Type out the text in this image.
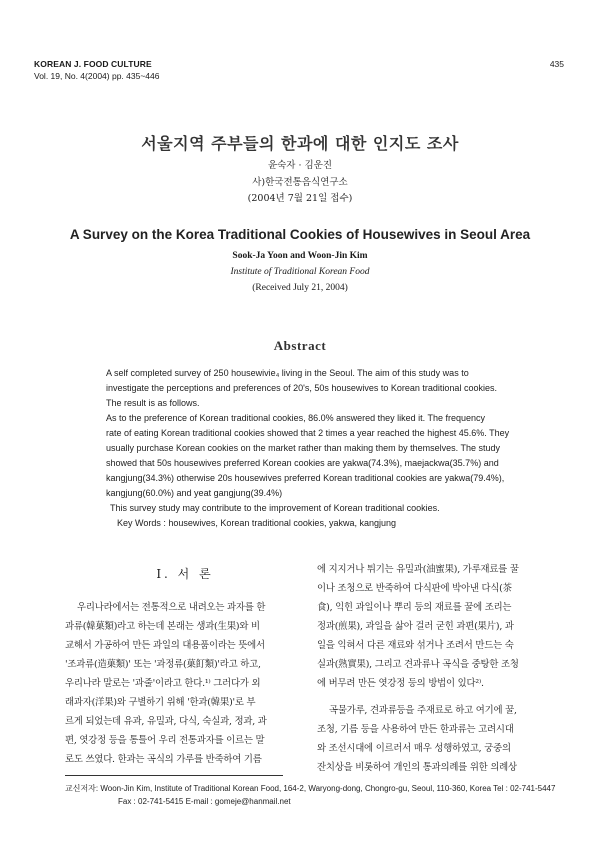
KOREAN J. FOOD CULTURE
Vol. 19, No. 4(2004) pp. 435~446
435
서울지역 주부들의 한과에 대한 인지도 조사
윤숙자 · 김운진
사)한국전통음식연구소
(2004년 7월 21일 접수)
A Survey on the Korea Traditional Cookies of Housewives in Seoul Area
Sook-Ja Yoon and Woon-Jin Kim
Institute of Traditional Korean Food
(Received July 21, 2004)
Abstract
A self completed survey of 250 housewivie₄ living in the Seoul. The aim of this study was to
investigate the perceptions and preferences of 20's, 50s housewives to Korean traditional cookies.
The result is as follows.
As to the preference of Korean traditional cookies, 86.0% answered they liked it. The frequency
rate of eating Korean traditional cookies showed that 2 times a year reached the highest 45.6%. They
usually purchase Korean cookies on the market rather than making them by themselves. The study
showed that 50s housewives preferred Korean cookies are yakwa(74.3%), maejackwa(35.7%) and
kangjung(34.3%) otherwise 20s housewives preferred Korean traditional cookies are yakwa(79.4%),
kangjung(60.0%) and yeat gangjung(39.4%)
This survey study may contribute to the improvement of Korean traditional cookies.
Key Words : housewives, Korean traditional cookies, yakwa, kangjung
I. 서 론
우리나라에서는 전통적으로 내려오는 과자를 한
과류(韓菓類)라고 하는데 본래는 생과(生果)와 비
교해서 가공하여 만든 과일의 대용품이라는 뜻에서
'조과류(造菓類)' 또는 '과정류(菓飣類)'라고 하고,
우리나라 말로는 '과줄'이라고 한다.¹⁾ 그러다가 외
래과자(洋果)와 구별하기 위해 '한과(韓果)'로 부
르게 되었는데 유과, 유밀과, 다식, 숙실과, 정과, 과
편, 엿강정 등을 통틀어 우리 전통과자를 이르는 말
로도 쓰였다. 한과는 곡식의 가루를 반죽하여 기름
에 지지거나 튀기는 유밀과(油蜜果), 가루재료를 꿀
이나 조청으로 반죽하여 다식판에 박아낸 다식(茶
食), 익힌 과일이나 뿌리 등의 재료를 꿀에 조리는
정과(煎果), 과일을 삶아 걸러 굳힌 과편(果片), 과
일을 익혀서 다른 재료와 섞거나 조려서 만드는 숙
실과(熟實果), 그리고 견과류나 곡식을 중탕한 조청
에 버무려 만든 엿강정 등의 방법이 있다²⁾.
곡물가루, 견과류등을 주재료로 하고 여기에 꿀,
조청, 기름 등을 사용하여 만든 한과류는 고려시대
와 조선시대에 이르러서 매우 성행하였고, 궁중의
잔치상을 비롯하여 개인의 통과의례를 위한 의례상
교신저자: Woon-Jin Kim, Institute of Traditional Korean Food, 164-2, Waryong-dong, Chongro-gu, Seoul, 110-360, Korea Tel : 02-741-5447
Fax : 02-741-5415 E-mail : gomeje@hanmail.net
